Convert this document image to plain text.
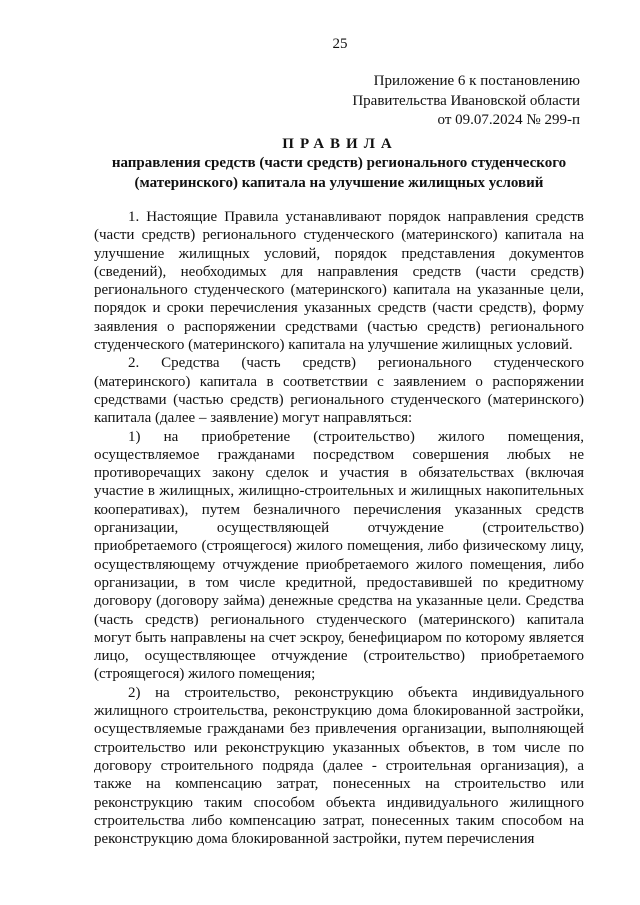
25
Приложение 6 к постановлению
Правительства Ивановской области
от 09.07.2024 № 299-п
ПРАВИЛА
направления средств (части средств) регионального студенческого (материнского) капитала на улучшение жилищных условий

1. Настоящие Правила устанавливают порядок направления средств (части средств) регионального студенческого (материнского) капитала на улучшение жилищных условий, порядок представления документов (сведений), необходимых для направления средств (части средств) регионального студенческого (материнского) капитала на указанные цели, порядок и сроки перечисления указанных средств (части средств), форму заявления о распоряжении средствами (частью средств) регионального студенческого (материнского) капитала на улучшение жилищных условий.

2. Средства (часть средств) регионального студенческого (материнского) капитала в соответствии с заявлением о распоряжении средствами (частью средств) регионального студенческого (материнского) капитала (далее – заявление) могут направляться:

1) на приобретение (строительство) жилого помещения, осуществляемое гражданами посредством совершения любых не противоречащих закону сделок и участия в обязательствах (включая участие в жилищных, жилищно-строительных и жилищных накопительных кооперативах), путем безналичного перечисления указанных средств организации, осуществляющей отчуждение (строительство) приобретаемого (строящегося) жилого помещения, либо физическому лицу, осуществляющему отчуждение приобретаемого жилого помещения, либо организации, в том числе кредитной, предоставившей по кредитному договору (договору займа) денежные средства на указанные цели. Средства (часть средств) регионального студенческого (материнского) капитала могут быть направлены на счет эскроу, бенефициаром по которому является лицо, осуществляющее отчуждение (строительство) приобретаемого (строящегося) жилого помещения;

2) на строительство, реконструкцию объекта индивидуального жилищного строительства, реконструкцию дома блокированной застройки, осуществляемые гражданами без привлечения организации, выполняющей строительство или реконструкцию указанных объектов, в том числе по договору строительного подряда (далее - строительная организация), а также на компенсацию затрат, понесенных на строительство или реконструкцию таким способом объекта индивидуального жилищного строительства либо компенсацию затрат, понесенных таким способом на реконструкцию дома блокированной застройки, путем перечисления
